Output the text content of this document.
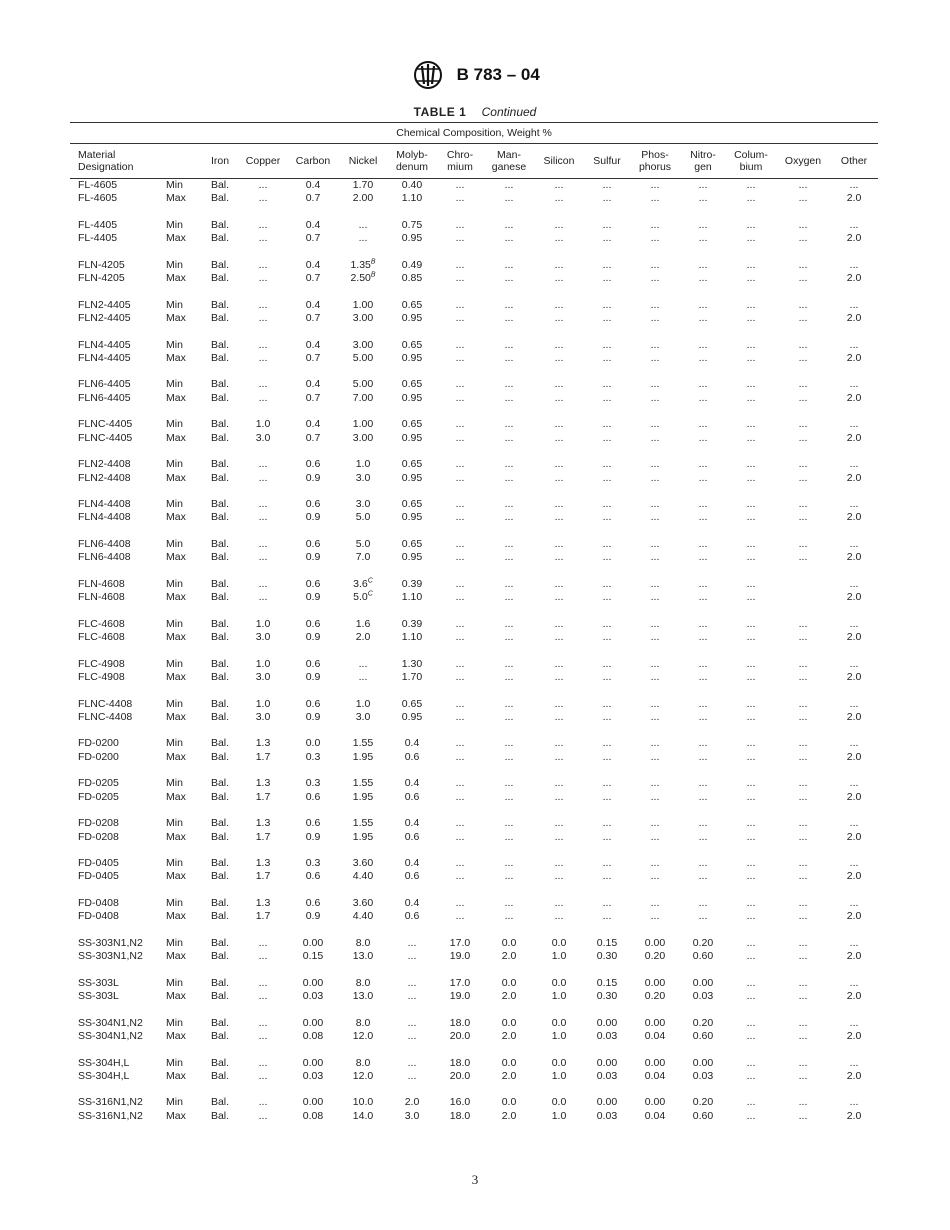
B 783 – 04
TABLE 1 Continued
Chemical Composition, Weight %															
Material
Designation		Iron	Copper	Carbon	Nickel	Molyb-
denum	Chro-
mium	Man-
ganese	Silicon	Sulfur	Phos-
phorus	Nitro-
gen	Colum-
bium	Oxygen	Other
FL-4605	Min	Bal.	...	0.4	1.70	0.40	...	...	...	...	...	...	...	...	...
FL-4605	Max	Bal.	...	0.7	2.00	1.10	...	...	...	...	...	...	...	...	2.0

FL-4405	Min	Bal.	...	0.4	...	0.75	...	...	...	...	...	...	...	...	...
FL-4405	Max	Bal.	...	0.7	...	0.95	...	...	...	...	...	...	...	...	2.0

FLN-4205	Min	Bal.	...	0.4	$1.35^B$	0.49	...	...	...	...	...	...	...	...	...
FLN-4205	Max	Bal.	...	0.7	$2.50^B$	0.85	...	...	...	...	...	...	...	...	2.0

FLN2-4405	Min	Bal.	...	0.4	1.00	0.65	...	...	...	...	...	...	...	...	...
FLN2-4405	Max	Bal.	...	0.7	3.00	0.95	...	...	...	...	...	...	...	...	2.0

FLN4-4405	Min	Bal.	...	0.4	3.00	0.65	...	...	...	...	...	...	...	...	...
FLN4-4405	Max	Bal.	...	0.7	5.00	0.95	...	...	...	...	...	...	...	...	2.0

FLN6-4405	Min	Bal.	...	0.4	5.00	0.65	...	...	...	...	...	...	...	...	...
FLN6-4405	Max	Bal.	...	0.7	7.00	0.95	...	...	...	...	...	...	...	...	2.0

FLNC-4405	Min	Bal.	1.0	0.4	1.00	0.65	...	...	...	...	...	...	...	...	...
FLNC-4405	Max	Bal.	3.0	0.7	3.00	0.95	...	...	...	...	...	...	...	...	2.0

FLN2-4408	Min	Bal.	...	0.6	1.0	0.65	...	...	...	...	...	...	...	...	...
FLN2-4408	Max	Bal.	...	0.9	3.0	0.95	...	...	...	...	...	...	...	...	2.0

FLN4-4408	Min	Bal.	...	0.6	3.0	0.65	...	...	...	...	...	...	...	...	...
FLN4-4408	Max	Bal.	...	0.9	5.0	0.95	...	...	...	...	...	...	...	...	2.0

FLN6-4408	Min	Bal.	...	0.6	5.0	0.65	...	...	...	...	...	...	...	...	...
FLN6-4408	Max	Bal.	...	0.9	7.0	0.95	...	...	...	...	...	...	...	...	2.0

FLN-4608	Min	Bal.	...	0.6	$3.6^C$	0.39	...	...	...	...	...	...	...		...
FLN-4608	Max	Bal.	...	0.9	$5.0^C$	1.10	...	...	...	...	...	...	...		2.0

FLC-4608	Min	Bal.	1.0	0.6	1.6	0.39	...	...	...	...	...	...	...	...	...
FLC-4608	Max	Bal.	3.0	0.9	2.0	1.10	...	...	...	...	...	...	...	...	2.0

FLC-4908	Min	Bal.	1.0	0.6	...	1.30	...	...	...	...	...	...	...	...	...
FLC-4908	Max	Bal.	3.0	0.9	...	1.70	...	...	...	...	...	...	...	...	2.0

FLNC-4408	Min	Bal.	1.0	0.6	1.0	0.65	...	...	...	...	...	...	...	...	...
FLNC-4408	Max	Bal.	3.0	0.9	3.0	0.95	...	...	...	...	...	...	...	...	2.0

FD-0200	Min	Bal.	1.3	0.0	1.55	0.4	...	...	...	...	...	...	...	...	...
FD-0200	Max	Bal.	1.7	0.3	1.95	0.6	...	...	...	...	...	...	...	...	2.0

FD-0205	Min	Bal.	1.3	0.3	1.55	0.4	...	...	...	...	...	...	...	...	...
FD-0205	Max	Bal.	1.7	0.6	1.95	0.6	...	...	...	...	...	...	...	...	2.0

FD-0208	Min	Bal.	1.3	0.6	1.55	0.4	...	...	...	...	...	...	...	...	...
FD-0208	Max	Bal.	1.7	0.9	1.95	0.6	...	...	...	...	...	...	...	...	2.0

FD-0405	Min	Bal.	1.3	0.3	3.60	0.4	...	...	...	...	...	...	...	...	...
FD-0405	Max	Bal.	1.7	0.6	4.40	0.6	...	...	...	...	...	...	...	...	2.0

FD-0408	Min	Bal.	1.3	0.6	3.60	0.4	...	...	...	...	...	...	...	...	...
FD-0408	Max	Bal.	1.7	0.9	4.40	0.6	...	...	...	...	...	...	...	...	2.0

SS-303N1,N2	Min	Bal.	...	0.00	8.0	...	17.0	0.0	0.0	0.15	0.00	0.20	...	...	...
SS-303N1,N2	Max	Bal.	...	0.15	13.0	...	19.0	2.0	1.0	0.30	0.20	0.60	...	...	2.0

SS-303L	Min	Bal.	...	0.00	8.0	...	17.0	0.0	0.0	0.15	0.00	0.00	...	...	...
SS-303L	Max	Bal.	...	0.03	13.0	...	19.0	2.0	1.0	0.30	0.20	0.03	...	...	2.0

SS-304N1,N2	Min	Bal.	...	0.00	8.0	...	18.0	0.0	0.0	0.00	0.00	0.20	...	...	...
SS-304N1,N2	Max	Bal.	...	0.08	12.0	...	20.0	2.0	1.0	0.03	0.04	0.60	...	...	2.0

SS-304H,L	Min	Bal.	...	0.00	8.0	...	18.0	0.0	0.0	0.00	0.00	0.00	...	...	...
SS-304H,L	Max	Bal.	...	0.03	12.0	...	20.0	2.0	1.0	0.03	0.04	0.03	...	...	2.0

SS-316N1,N2	Min	Bal.	...	0.00	10.0	2.0	16.0	0.0	0.0	0.00	0.00	0.20	...	...	...
SS-316N1,N2	Max	Bal.	...	0.08	14.0	3.0	18.0	2.0	1.0	0.03	0.04	0.60	...	...	2.0
3
